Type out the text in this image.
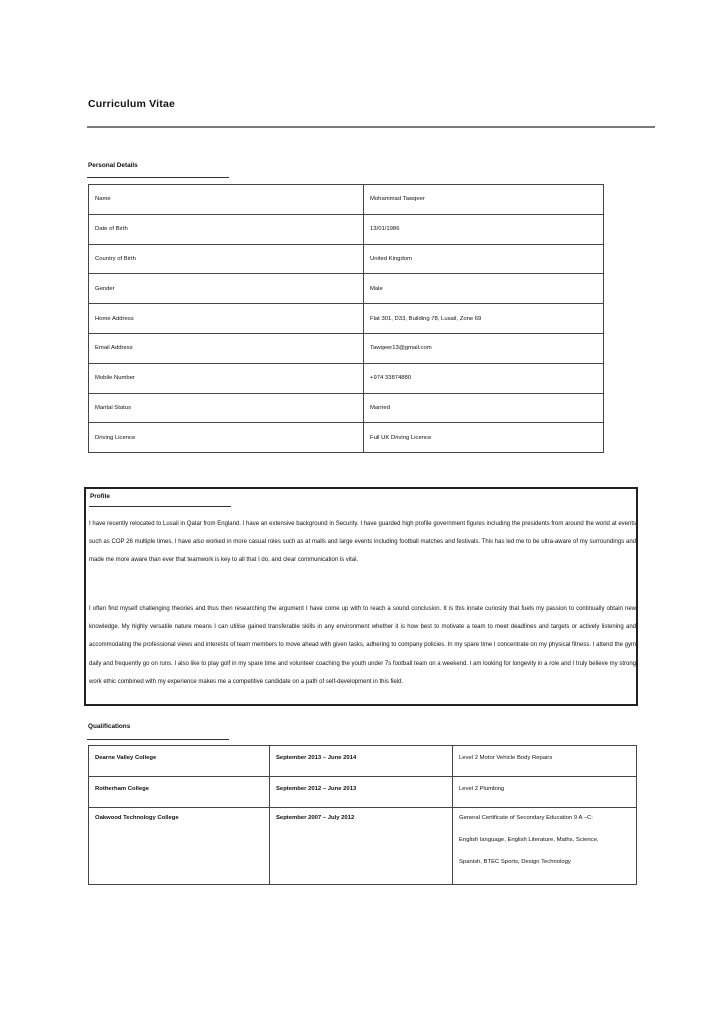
Curriculum Vitae
Personal Details
Name	Mohammad Tawqeer
Date of Birth	13/01/1986
Country of Birth	United Kingdom
Gender	Male
Home Address	Flat 301, D33, Building 78, Lusail, Zone 69
Email Address	Tawqeer13@gmail.com
Mobile Number	+974 33874880
Marital Status	Married
Driving Licence	Full UK Driving Licence
Profile

I have recently relocated to Lusail in Qatar from England. I have an extensive background in Security. I have guarded high profile government figures including the presidents from around the world at events such as COP 26 multiple times. I have also worked in more casual roles such as at malls and large events including football matches and festivals. This has led me to be ultra-aware of my surroundings and made me more aware than ever that teamwork is key to all that I do, and clear communication is vital.

I often find myself challenging theories and thus then researching the argument I have come up with to reach a sound conclusion. It is this innate curiosity that fuels my passion to continually obtain new knowledge. My highly versatile nature means I can utilise gained transferable skills in any environment whether it is how best to motivate a team to meet deadlines and targets or actively listening and accommodating the professional views and interests of team members to move ahead with given tasks, adhering to company policies. In my spare time I concentrate on my physical fitness. I attend the gym daily and frequently go on runs. I also like to play golf in my spare time and volunteer coaching the youth under 7s football team on a weekend. I am looking for longevity in a role and I truly believe my strong work ethic combined with my experience makes me a competitive candidate on a path of self-development in this field.

Qualifications
Dearne Valley College	September 2013 – June 2014	Level 2 Motor Vehicle Body Repairs

Rotherham College	September 2012 – June 2013	Level 2 Plumbing

Oakwood Technology College	September 2007 – July 2012	General Certificate of Secondary Education 9 A –C:
English language, English Literature, Maths, Science,
Spanish, BTEC Sports, Design Technology
